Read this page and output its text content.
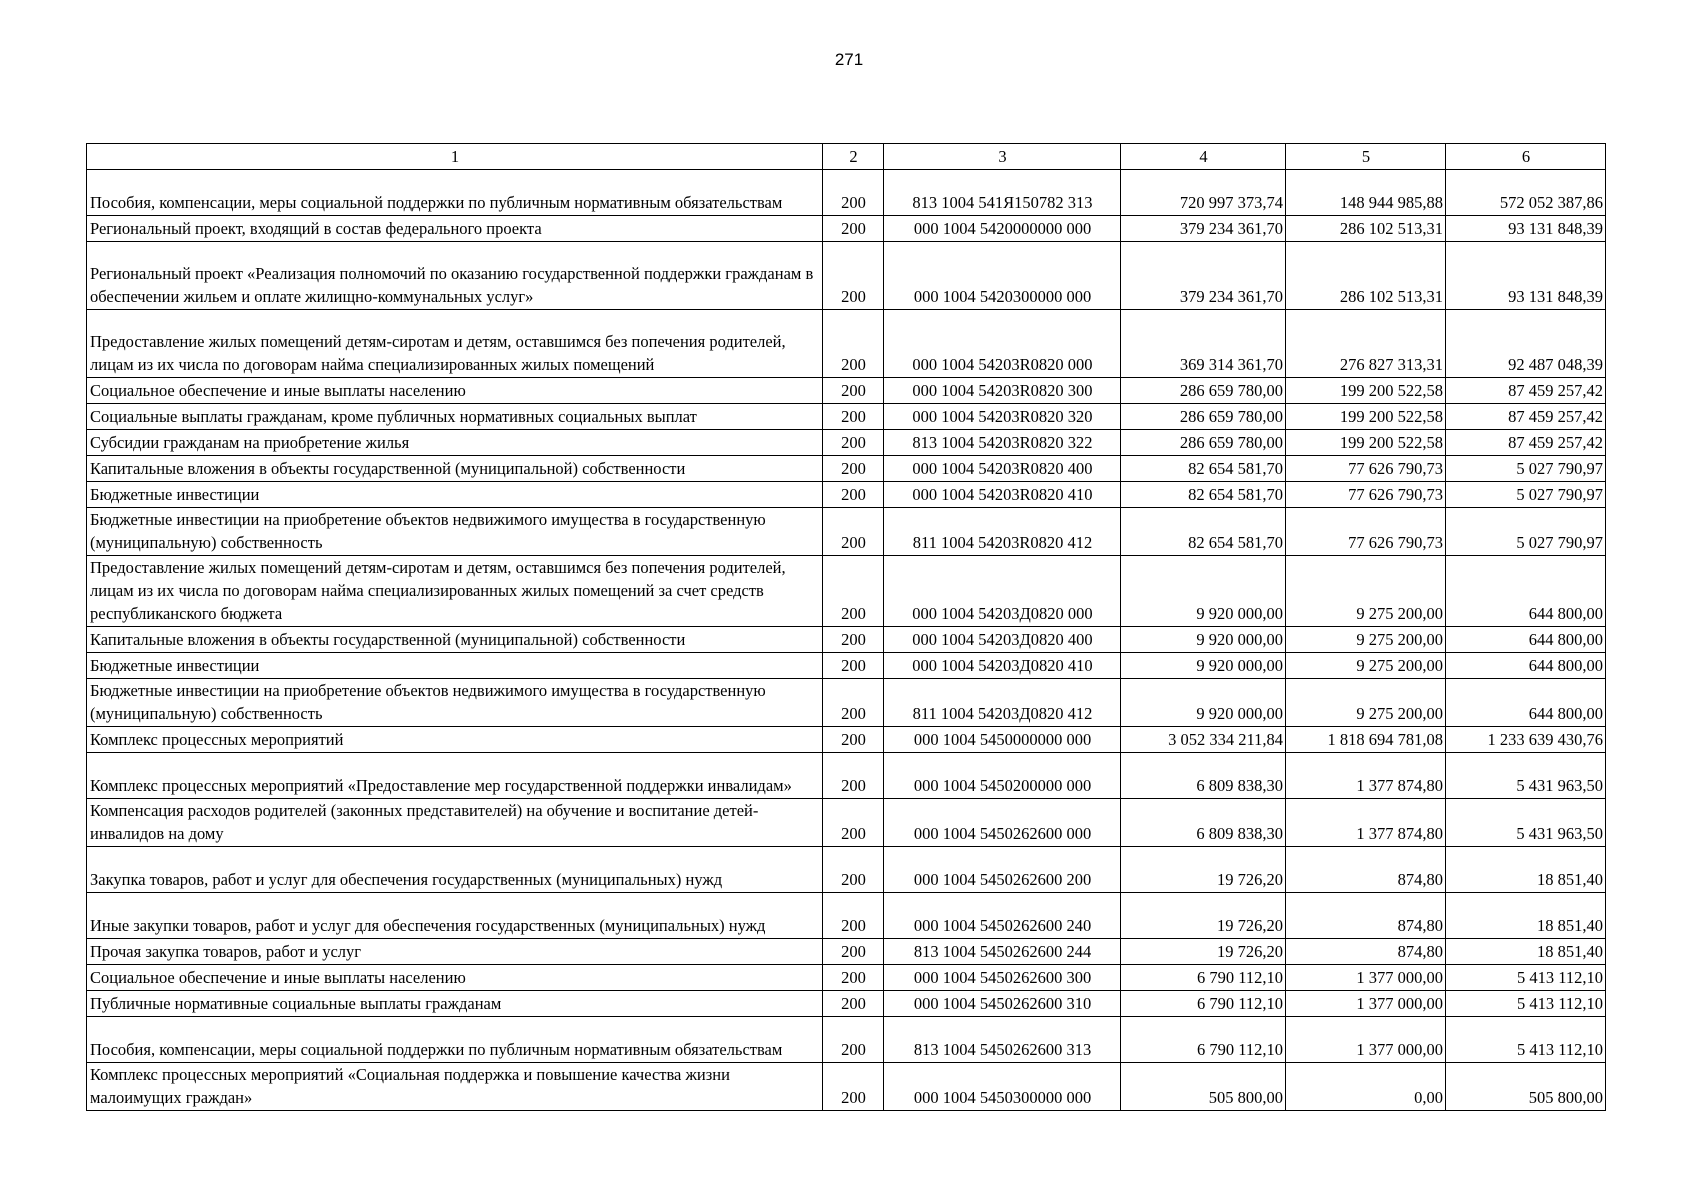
271
1	2	3	4	5	6
Пособия, компенсации, меры социальной поддержки по публичным нормативным обязательствам	200	813 1004 541Я150782 313	720 997 373,74	148 944 985,88	572 052 387,86
Региональный проект, входящий в состав федерального проекта	200	000 1004 5420000000 000	379 234 361,70	286 102 513,31	93 131 848,39
Региональный проект «Реализация полномочий по оказанию государственной поддержки гражданам в обеспечении жильем и оплате жилищно-коммунальных услуг»	200	000 1004 5420300000 000	379 234 361,70	286 102 513,31	93 131 848,39
Предоставление жилых помещений детям-сиротам и детям, оставшимся без попечения родителей, лицам из их числа по договорам найма специализированных жилых помещений	200	000 1004 54203R0820 000	369 314 361,70	276 827 313,31	92 487 048,39
Социальное обеспечение и иные выплаты населению	200	000 1004 54203R0820 300	286 659 780,00	199 200 522,58	87 459 257,42
Социальные выплаты гражданам, кроме публичных нормативных социальных выплат	200	000 1004 54203R0820 320	286 659 780,00	199 200 522,58	87 459 257,42
Субсидии гражданам на приобретение жилья	200	813 1004 54203R0820 322	286 659 780,00	199 200 522,58	87 459 257,42
Капитальные вложения в объекты государственной (муниципальной) собственности	200	000 1004 54203R0820 400	82 654 581,70	77 626 790,73	5 027 790,97
Бюджетные инвестиции	200	000 1004 54203R0820 410	82 654 581,70	77 626 790,73	5 027 790,97
Бюджетные инвестиции на приобретение объектов недвижимого имущества в государственную (муниципальную) собственность	200	811 1004 54203R0820 412	82 654 581,70	77 626 790,73	5 027 790,97
Предоставление жилых помещений детям-сиротам и детям, оставшимся без попечения родителей, лицам из их числа по договорам найма специализированных жилых помещений за счет средств республиканского бюджета	200	000 1004 54203Д0820 000	9 920 000,00	9 275 200,00	644 800,00
Капитальные вложения в объекты государственной (муниципальной) собственности	200	000 1004 54203Д0820 400	9 920 000,00	9 275 200,00	644 800,00
Бюджетные инвестиции	200	000 1004 54203Д0820 410	9 920 000,00	9 275 200,00	644 800,00
Бюджетные инвестиции на приобретение объектов недвижимого имущества в государственную (муниципальную) собственность	200	811 1004 54203Д0820 412	9 920 000,00	9 275 200,00	644 800,00
Комплекс процессных мероприятий	200	000 1004 5450000000 000	3 052 334 211,84	1 818 694 781,08	1 233 639 430,76
Комплекс процессных мероприятий «Предоставление мер государственной поддержки инвалидам»	200	000 1004 5450200000 000	6 809 838,30	1 377 874,80	5 431 963,50
Компенсация расходов родителей (законных представителей) на обучение и воспитание детей-инвалидов на дому	200	000 1004 5450262600 000	6 809 838,30	1 377 874,80	5 431 963,50
Закупка товаров, работ и услуг для обеспечения государственных (муниципальных) нужд	200	000 1004 5450262600 200	19 726,20	874,80	18 851,40
Иные закупки товаров, работ и услуг для обеспечения государственных (муниципальных) нужд	200	000 1004 5450262600 240	19 726,20	874,80	18 851,40
Прочая закупка товаров, работ и услуг	200	813 1004 5450262600 244	19 726,20	874,80	18 851,40
Социальное обеспечение и иные выплаты населению	200	000 1004 5450262600 300	6 790 112,10	1 377 000,00	5 413 112,10
Публичные нормативные социальные выплаты гражданам	200	000 1004 5450262600 310	6 790 112,10	1 377 000,00	5 413 112,10
Пособия, компенсации, меры социальной поддержки по публичным нормативным обязательствам	200	813 1004 5450262600 313	6 790 112,10	1 377 000,00	5 413 112,10
Комплекс процессных мероприятий «Социальная поддержка и повышение качества жизни малоимущих граждан»	200	000 1004 5450300000 000	505 800,00	0,00	505 800,00
